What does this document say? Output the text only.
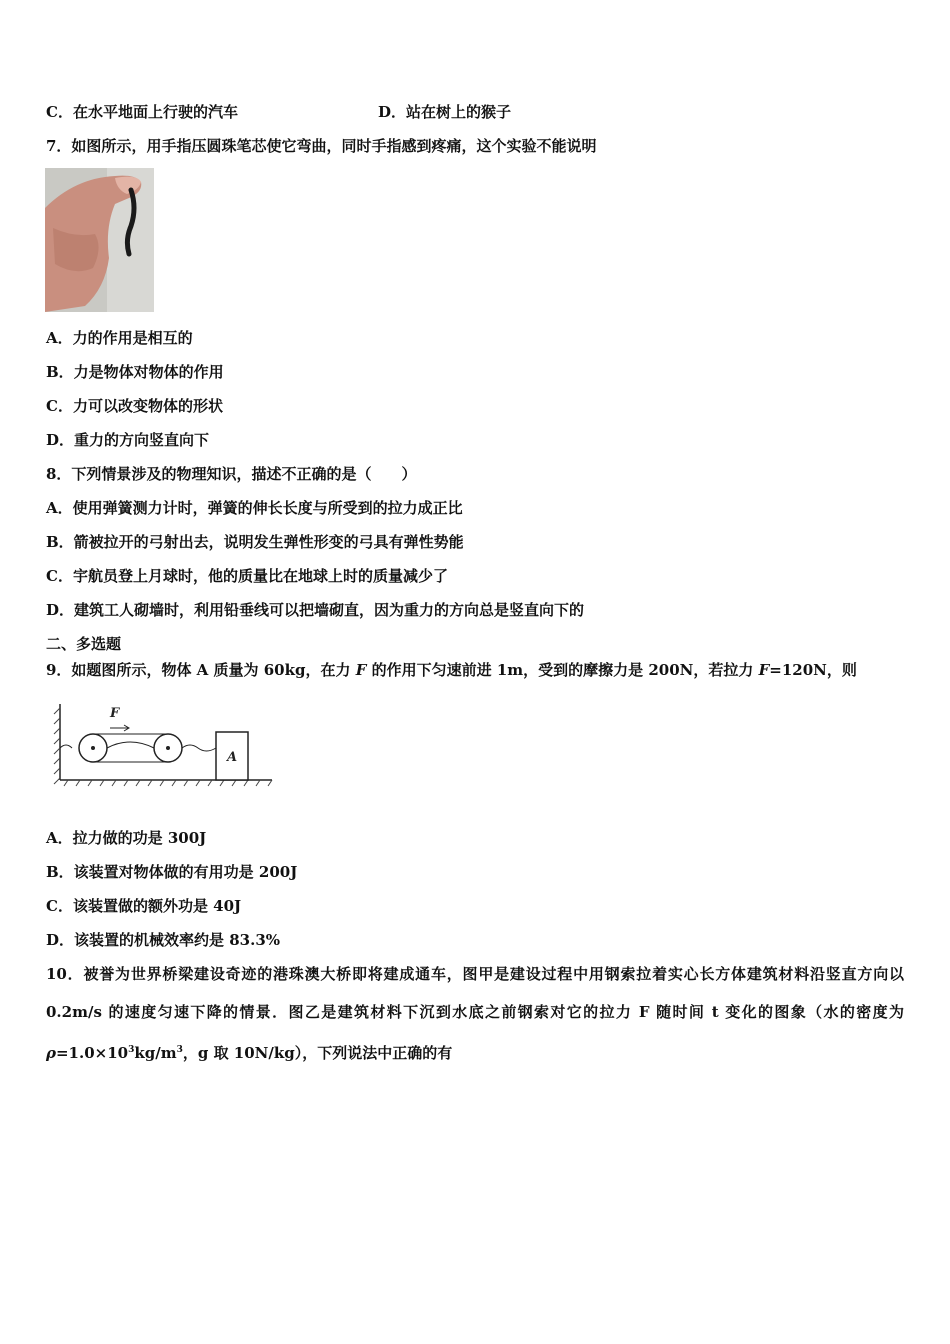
C．在水平地面上行驶的汽车	D．站在树上的猴子
7．如图所示，用手指压圆珠笔芯使它弯曲，同时手指感到疼痛，这个实验不能说明
A．力的作用是相互的
B．力是物体对物体的作用
C．力可以改变物体的形状
D．重力的方向竖直向下
8．下列情景涉及的物理知识，描述不正确的是（　　）
A．使用弹簧测力计时，弹簧的伸长长度与所受到的拉力成正比
B．箭被拉开的弓射出去，说明发生弹性形变的弓具有弹性势能
C．宇航员登上月球时，他的质量比在地球上时的质量减少了
D．建筑工人砌墙时，利用铅垂线可以把墙砌直，因为重力的方向总是竖直向下的
二、多选题
9．如题图所示，物体 A 质量为 60kg，在力 F 的作用下匀速前进 1m，受到的摩擦力是 200N，若拉力 F=120N，则
F
A
A．拉力做的功是 300J
B．该装置对物体做的有用功是 200J
C．该装置做的额外功是 40J
D．该装置的机械效率约是 83.3%
10．被誉为世界桥梁建设奇迹的港珠澳大桥即将建成通车，图甲是建设过程中用钢索拉着实心长方体建筑材料沿竖直方向以 0.2m/s 的速度匀速下降的情景．图乙是建筑材料下沉到水底之前钢索对它的拉力 F 随时间 t 变化的图象（水的密度为 $\rho=1.0\times 10^3kg/m^3$，g 取 10N/kg），下列说法中正确的有
